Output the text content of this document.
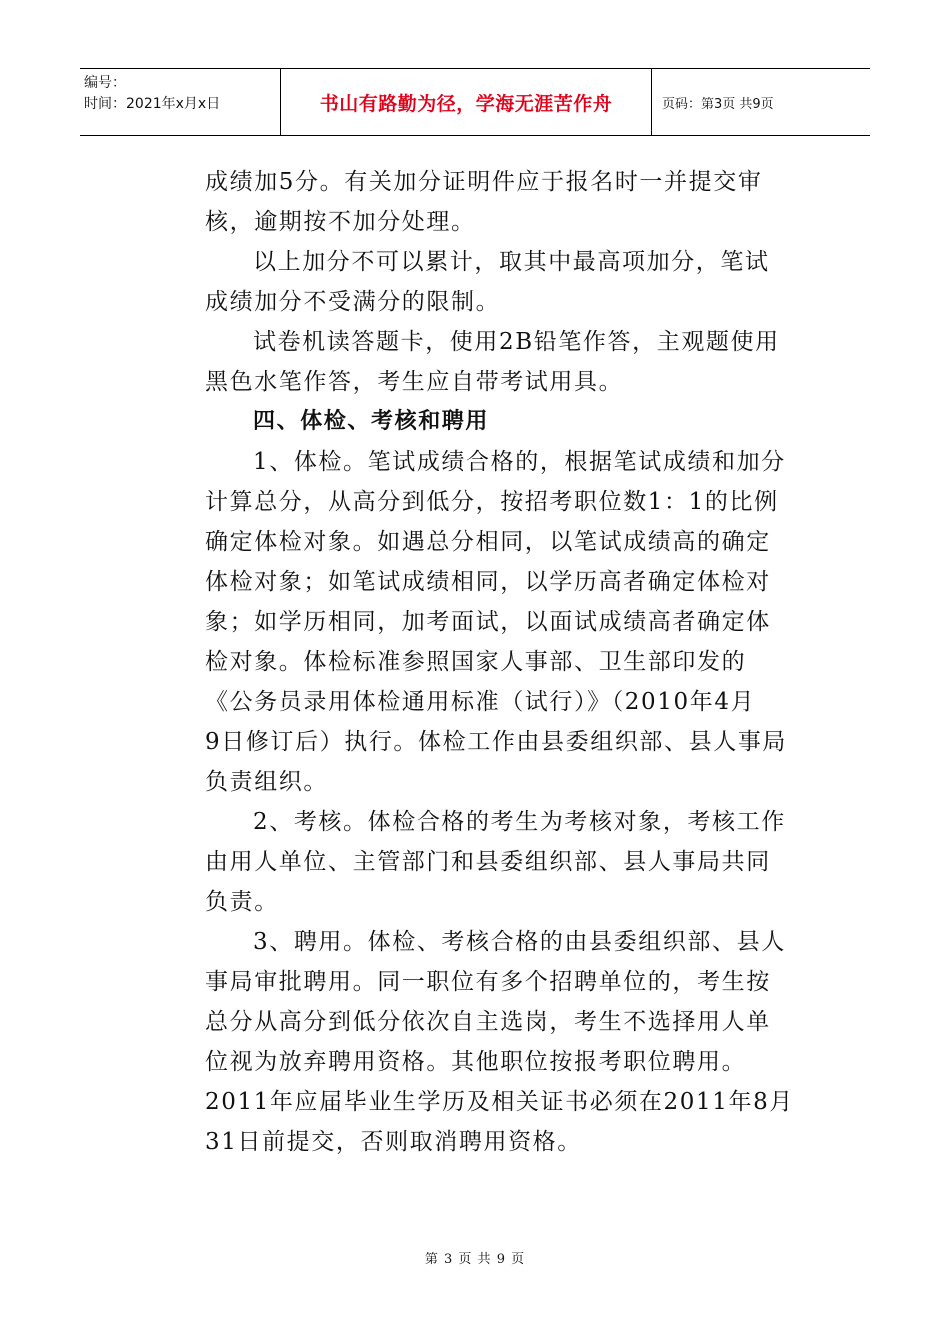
编号：
时间：2021年x月x日	书山有路勤为径，学海无涯苦作舟	页码：第3页 共9页
成绩加5分。有关加分证明件应于报名时一并提交审
核，逾期按不加分处理。
以上加分不可以累计，取其中最高项加分，笔试
成绩加分不受满分的限制。
试卷机读答题卡，使用2B铅笔作答，主观题使用
黑色水笔作答，考生应自带考试用具。
四、体检、考核和聘用
1、体检。笔试成绩合格的，根据笔试成绩和加分
计算总分，从高分到低分，按招考职位数1：1的比例
确定体检对象。如遇总分相同，以笔试成绩高的确定
体检对象；如笔试成绩相同，以学历高者确定体检对
象；如学历相同，加考面试，以面试成绩高者确定体
检对象。体检标准参照国家人事部、卫生部印发的
《公务员录用体检通用标准（试行）》（2010年4月
9日修订后）执行。体检工作由县委组织部、县人事局
负责组织。
2、考核。体检合格的考生为考核对象，考核工作
由用人单位、主管部门和县委组织部、县人事局共同
负责。
3、聘用。体检、考核合格的由县委组织部、县人
事局审批聘用。同一职位有多个招聘单位的，考生按
总分从高分到低分依次自主选岗，考生不选择用人单
位视为放弃聘用资格。其他职位按报考职位聘用。
2011年应届毕业生学历及相关证书必须在2011年8月
31日前提交，否则取消聘用资格。
第 3 页 共 9 页
